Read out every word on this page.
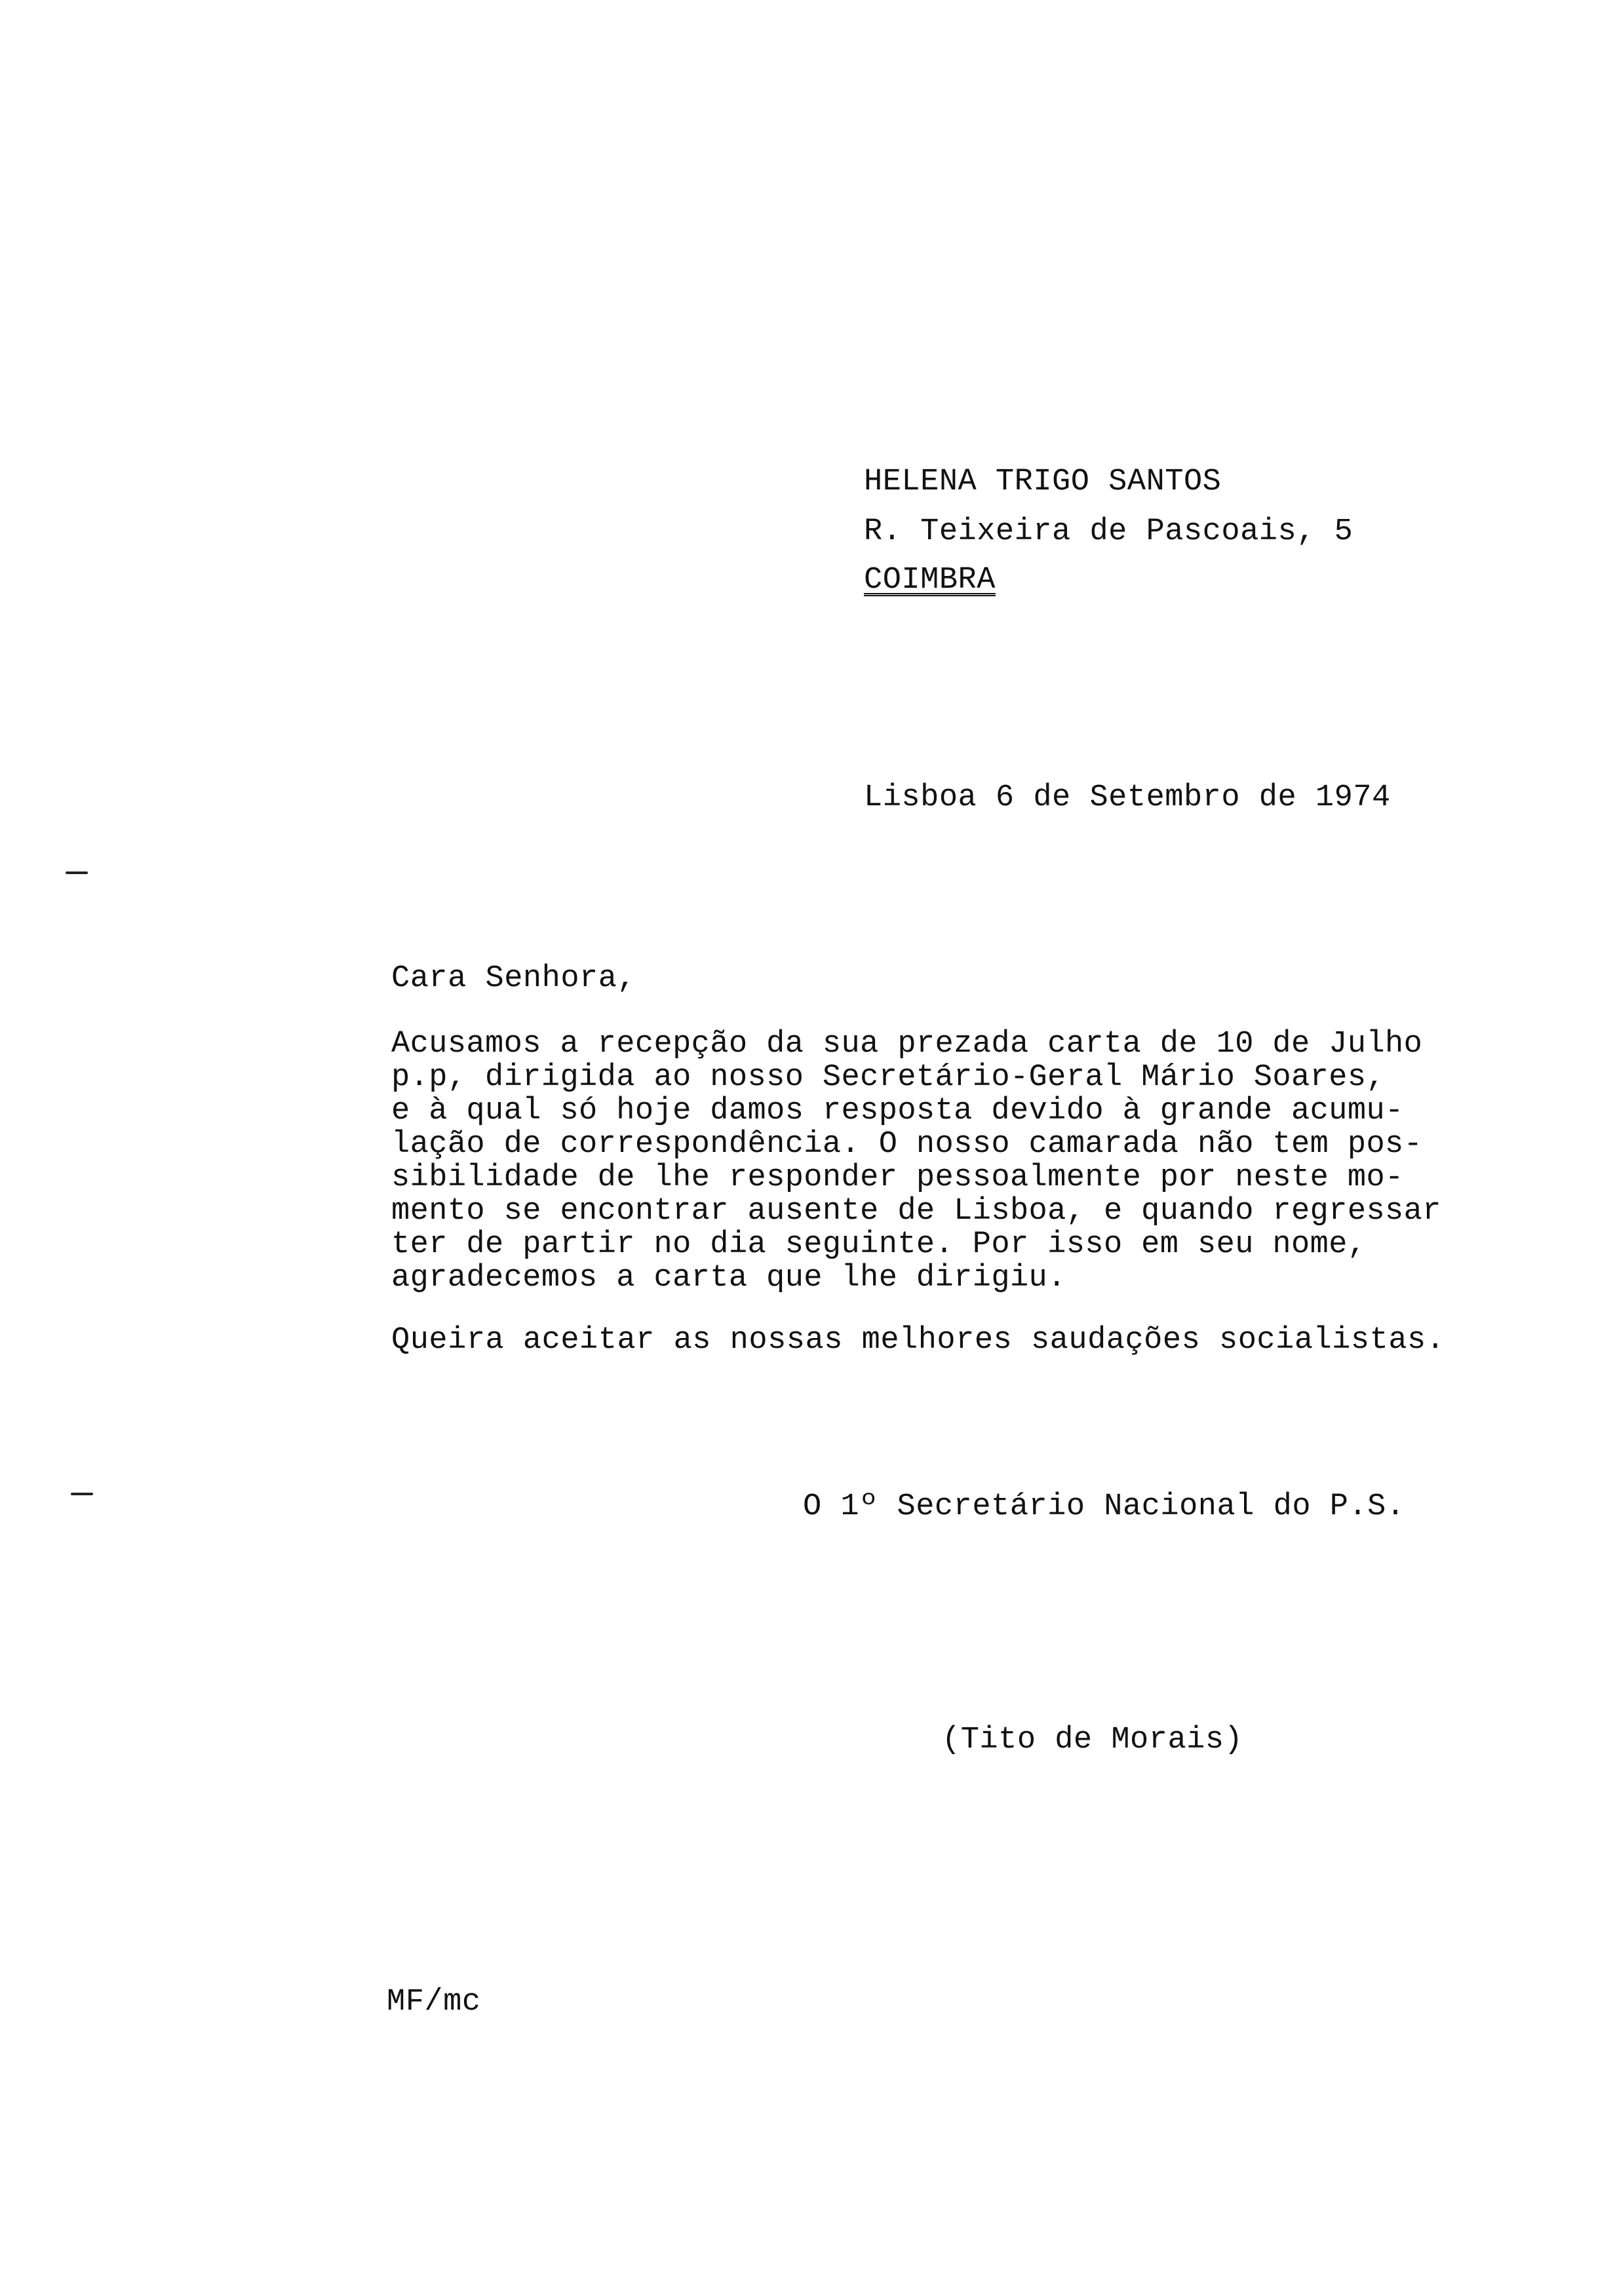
HELENA TRIGO SANTOS
R. Teixeira de Pascoais, 5
COIMBRA
Lisboa 6 de Setembro de 1974
Cara Senhora,
Acusamos a recepção da sua prezada carta de 10 de Julho
p.p, dirigida ao nosso Secretário-Geral Mário Soares,
e à qual só hoje damos resposta devido à grande acumu-
lação de correspondência. O nosso camarada não tem pos-
sibilidade de lhe responder pessoalmente por neste mo-
mento se encontrar ausente de Lisboa, e quando regressar
ter de partir no dia seguinte. Por isso em seu nome,
agradecemos a carta que lhe dirigiu.
Queira aceitar as nossas melhores saudações socialistas.
O 1º Secretário Nacional do P.S.
(Tito de Morais)
MF/mc
